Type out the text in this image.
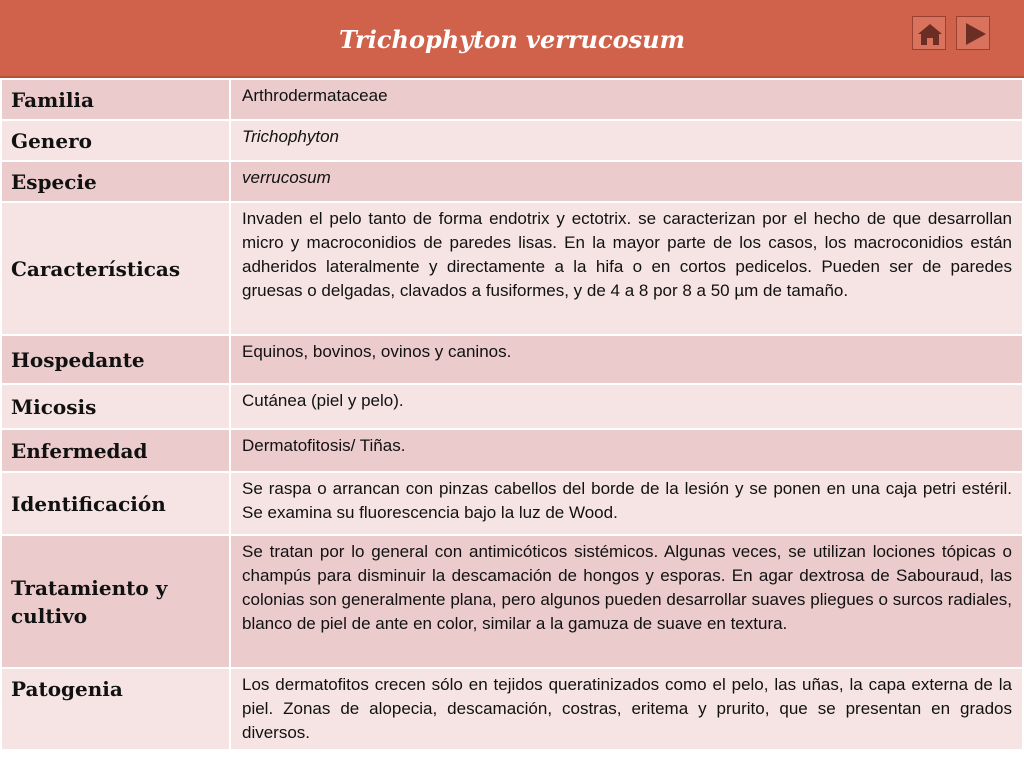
Trichophyton verrucosum
Familia	Arthrodermataceae
Genero	Trichophyton
Especie	verrucosum
Características	Invaden el pelo tanto de forma endotrix y ectotrix. se caracterizan por el hecho de que desarrollan micro y macroconidios de paredes lisas. En la mayor parte de los casos, los macroconidios están adheridos lateralmente y directamente a la hifa o en cortos pedicelos. Pueden ser de paredes gruesas o delgadas, clavados a fusiformes, y de 4 a 8 por 8 a 50 µm de tamaño.
Hospedante	Equinos, bovinos, ovinos y caninos.
Micosis	Cutánea (piel y pelo).
Enfermedad	Dermatofitosis/ Tiñas.
Identificación	Se raspa o arrancan con pinzas cabellos del borde de la lesión y se ponen en una caja petri estéril. Se examina su fluorescencia bajo la luz de Wood.
Tratamiento y cultivo	Se tratan por lo general con antimicóticos sistémicos. Algunas veces, se utilizan lociones tópicas o champús para disminuir la descamación de hongos y esporas. En agar dextrosa de Sabouraud, las colonias son generalmente plana, pero algunos pueden desarrollar suaves pliegues o surcos radiales, blanco de piel de ante en color, similar a la gamuza de suave en textura.
Patogenia	Los dermatofitos crecen sólo en tejidos queratinizados como el pelo, las uñas, la capa externa de la piel. Zonas de alopecia, descamación, costras, eritema y prurito, que se presentan en grados diversos.
